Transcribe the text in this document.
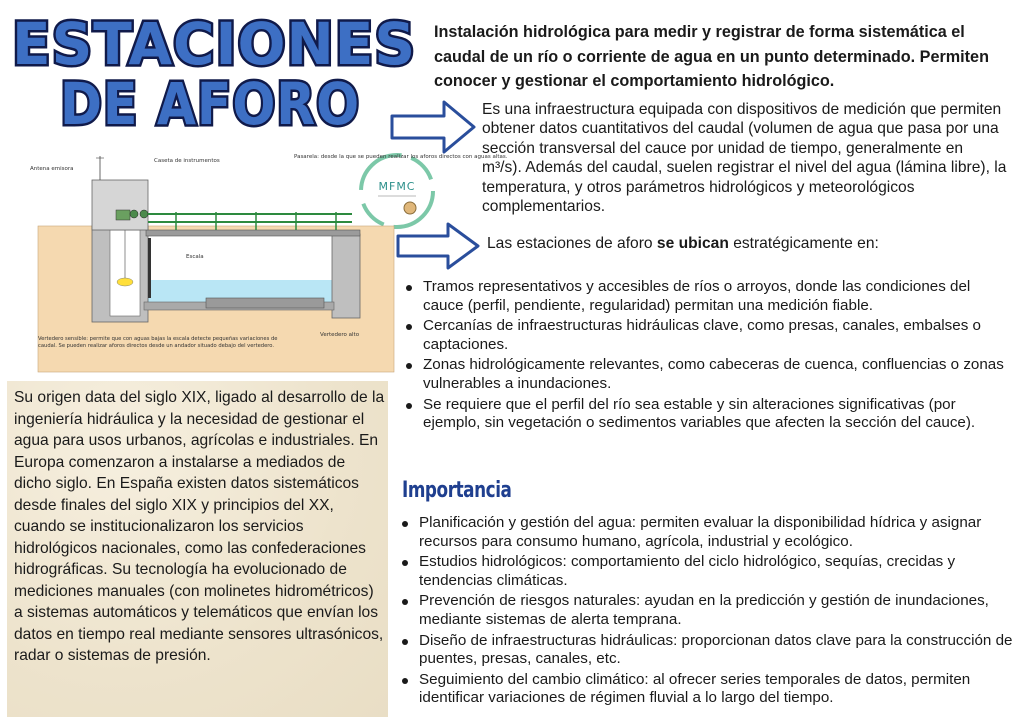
ESTACIONES
DE AFORO
Instalación hidrológica para medir y registrar de forma sistemática el caudal de un río o corriente de agua en un punto determinado. Permiten conocer y gestionar el comportamiento hidrológico.
Es una infraestructura equipada con dispositivos de medición que permiten obtener datos cuantitativos del caudal (volumen de agua que pasa por una sección transversal del cauce por unidad de tiempo, generalmente en m³/s). Además del caudal, suelen registrar el nivel del agua (lámina libre), la temperatura, y otros parámetros hidrológicos y meteorológicos complementarios.
Las estaciones de aforo se ubican estratégicamente en:
Tramos representativos y accesibles de ríos o arroyos, donde las condiciones del cauce (perfil, pendiente, regularidad) permitan una medición fiable.
Cercanías de infraestructuras hidráulicas clave, como presas, canales, embalses o captaciones.
Zonas hidrológicamente relevantes, como cabeceras de cuenca, confluencias o zonas vulnerables a inundaciones.
Se requiere que el perfil del río sea estable y sin alteraciones significativas (por ejemplo, sin vegetación o sedimentos variables que afecten la sección del cauce).
Importancia
Planificación y gestión del agua: permiten evaluar la disponibilidad hídrica y asignar recursos para consumo humano, agrícola, industrial y ecológico.
Estudios hidrológicos: comportamiento del ciclo hidrológico, sequías, crecidas y tendencias climáticas.
Prevención de riesgos naturales: ayudan en la predicción y gestión de inundaciones, mediante sistemas de alerta temprana.
Diseño de infraestructuras hidráulicas: proporcionan datos clave para la construcción de puentes, presas, canales, etc.
Seguimiento del cambio climático: al ofrecer series temporales de datos, permiten identificar variaciones de régimen fluvial a lo largo del tiempo.
Su origen data del siglo XIX, ligado al desarrollo de la ingeniería hidráulica y la necesidad de gestionar el agua para usos urbanos, agrícolas e industriales. En Europa comenzaron a instalarse a mediados de dicho siglo. En España existen datos sistemáticos desde finales del siglo XIX y principios del XX, cuando se institucionalizaron los servicios hidrológicos nacionales, como las confederaciones hidrográficas. Su tecnología ha evolucionado de mediciones manuales (con molinetes hidrométricos) a sistemas automáticos y telemáticos que envían los datos en tiempo real mediante sensores ultrasónicos, radar o sistemas de presión.
MFMC
Antena emisora
Caseta de instrumentos
Pasarela: desde la que se pueden realizar los aforos directos con aguas altas.
Escala
Vertedero alto
Vertedero sensible: permite que con aguas bajas la escala detecte pequeñas variaciones de caudal. Se pueden realizar aforos directos desde un andador situado debajo del vertedero.
